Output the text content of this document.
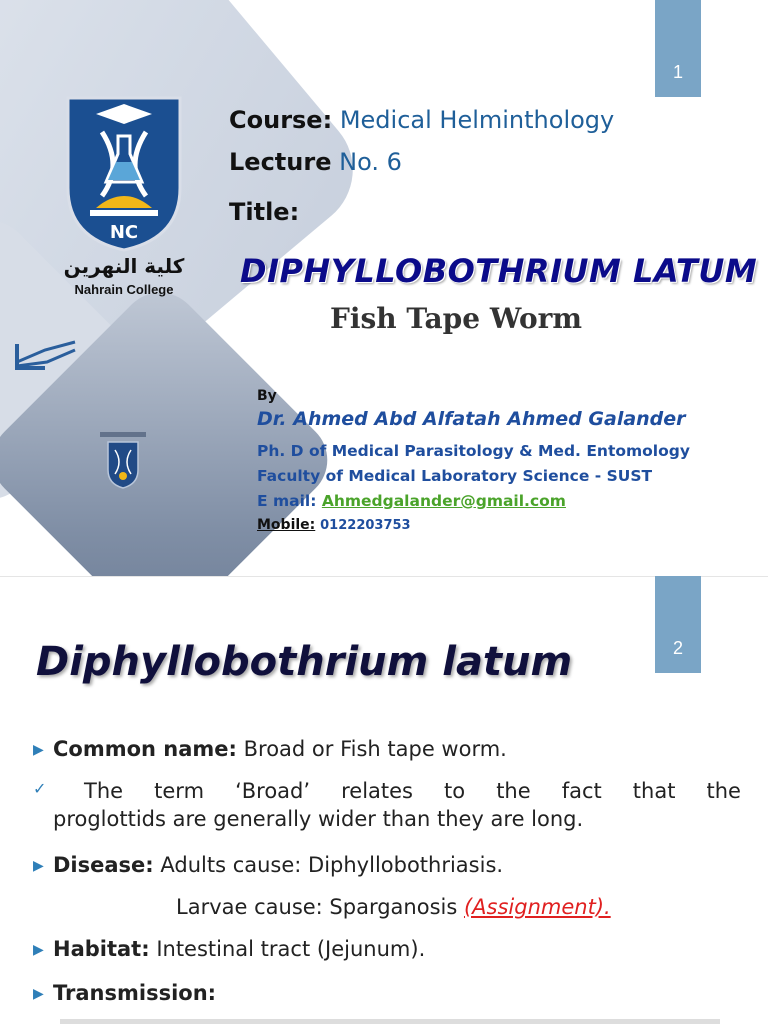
1
NC
كلية النهرين
Nahrain College
Course: Medical Helminthology
Lecture No. 6
Title:
DIPHYLLOBOTHRIUM LATUM
Fish Tape Worm
By
Dr. Ahmed Abd Alfatah Ahmed Galander
Ph. D of Medical Parasitology & Med. Entomology
Faculty of Medical Laboratory Science - SUST
E mail: Ahmedgalander@gmail.com
Mobile: 0122203753
2
Diphyllobothrium latum
▶ Common name: Broad or Fish tape worm.
✓	The term ‘Broad’ relates to the fact that the
proglottids are generally wider than they are long.
▶ Disease: Adults cause: Diphyllobothriasis.
Larvae cause: Sparganosis (Assignment).
▶ Habitat: Intestinal tract (Jejunum).
▶ Transmission:
